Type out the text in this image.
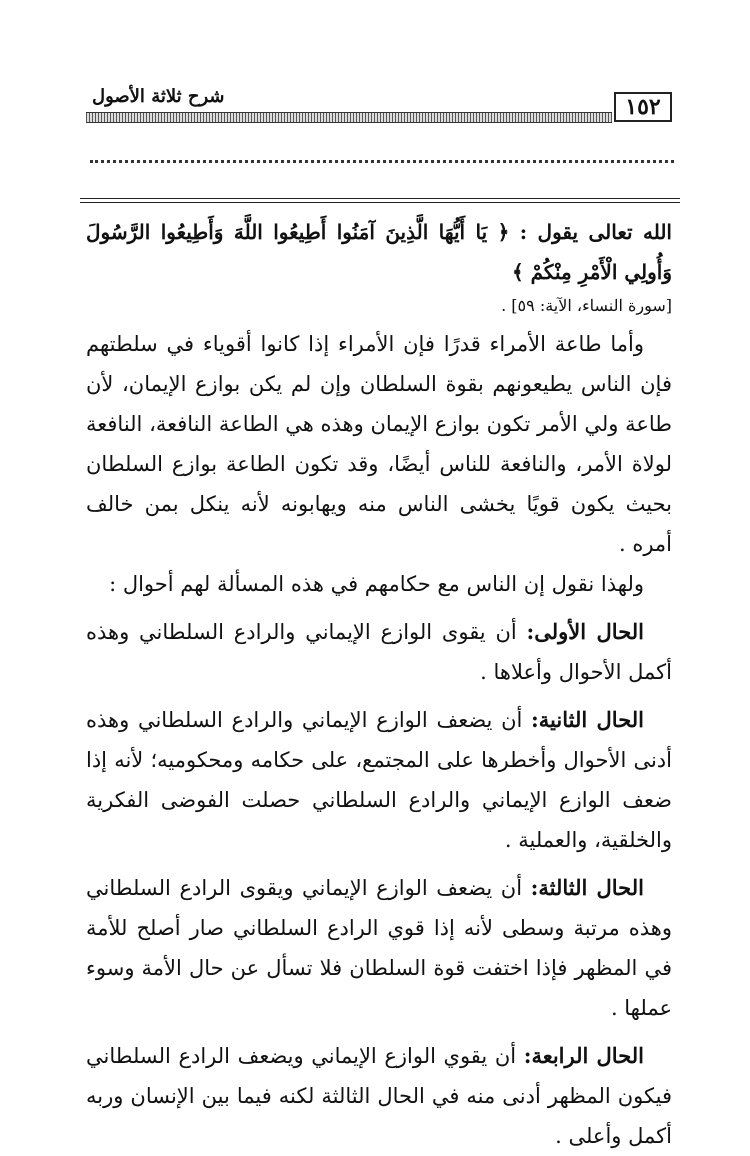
١٥٢
شرح ثلاثة الأصول

الله تعالى يقول : ﴿ يَا أَيُّهَا الَّذِينَ آمَنُوا أَطِيعُوا اللَّهَ وَأَطِيعُوا الرَّسُولَ وَأُولِي الْأَمْرِ مِنْكُمْ ﴾

[سورة النساء، الآية: ٥٩] .

وأما طاعة الأمراء قدرًا فإن الأمراء إذا كانوا أقوياء في سلطتهم فإن الناس يطيعونهم بقوة السلطان وإن لم يكن بوازع الإيمان، لأن طاعة ولي الأمر تكون بوازع الإيمان وهذه هي الطاعة النافعة، النافعة لولاة الأمر، والنافعة للناس أيضًا، وقد تكون الطاعة بوازع السلطان بحيث يكون قويًا يخشى الناس منه ويهابونه لأنه ينكل بمن خالف أمره .

ولهذا نقول إن الناس مع حكامهم في هذه المسألة لهم أحوال :

الحال الأولى: أن يقوى الوازع الإيماني والرادع السلطاني وهذه أكمل الأحوال وأعلاها .

الحال الثانية: أن يضعف الوازع الإيماني والرادع السلطاني وهذه أدنى الأحوال وأخطرها على المجتمع، على حكامه ومحكوميه؛ لأنه إذا ضعف الوازع الإيماني والرادع السلطاني حصلت الفوضى الفكرية والخلقية، والعملية .

الحال الثالثة: أن يضعف الوازع الإيماني ويقوى الرادع السلطاني وهذه مرتبة وسطى لأنه إذا قوي الرادع السلطاني صار أصلح للأمة في المظهر فإذا اختفت قوة السلطان فلا تسأل عن حال الأمة وسوء عملها .

الحال الرابعة: أن يقوي الوازع الإيماني ويضعف الرادع السلطاني فيكون المظهر أدنى منه في الحال الثالثة لكنه فيما بين الإنسان وربه أكمل وأعلى .
